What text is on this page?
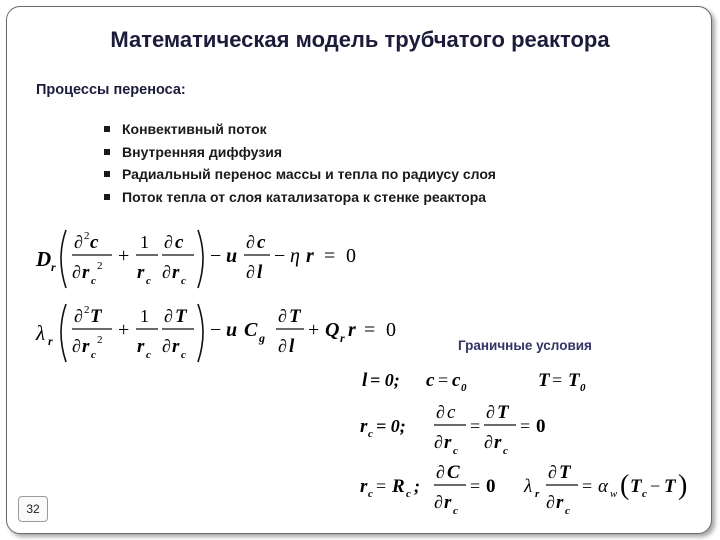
Математическая модель трубчатого реактора
Процессы переноса:
Конвективный поток
Внутренняя диффузия
Радиальный перенос массы и тепла по радиусу слоя
Поток тепла от слоя катализатора к стенке реактора
D r
∂ 2 c
∂ r c
2 +
1
r c
∂ c
∂ r c
− u
∂ c
∂ l
− η r = 0
λ r
∂ 2 T
∂ r c
2 +
1
r c
∂ T
∂ r c
− u C g
∂ T
∂ l
+ Q r r = 0
Граничные условия
l = 0; c = c 0	T = T 0
r c = 0;
∂ c
∂ r c
=
∂ T
∂ r c
= 0
r c = R c ;
∂ C
∂ r c
= 0 λ r
∂ T
∂ r c
= α w ( T c − T )
32
